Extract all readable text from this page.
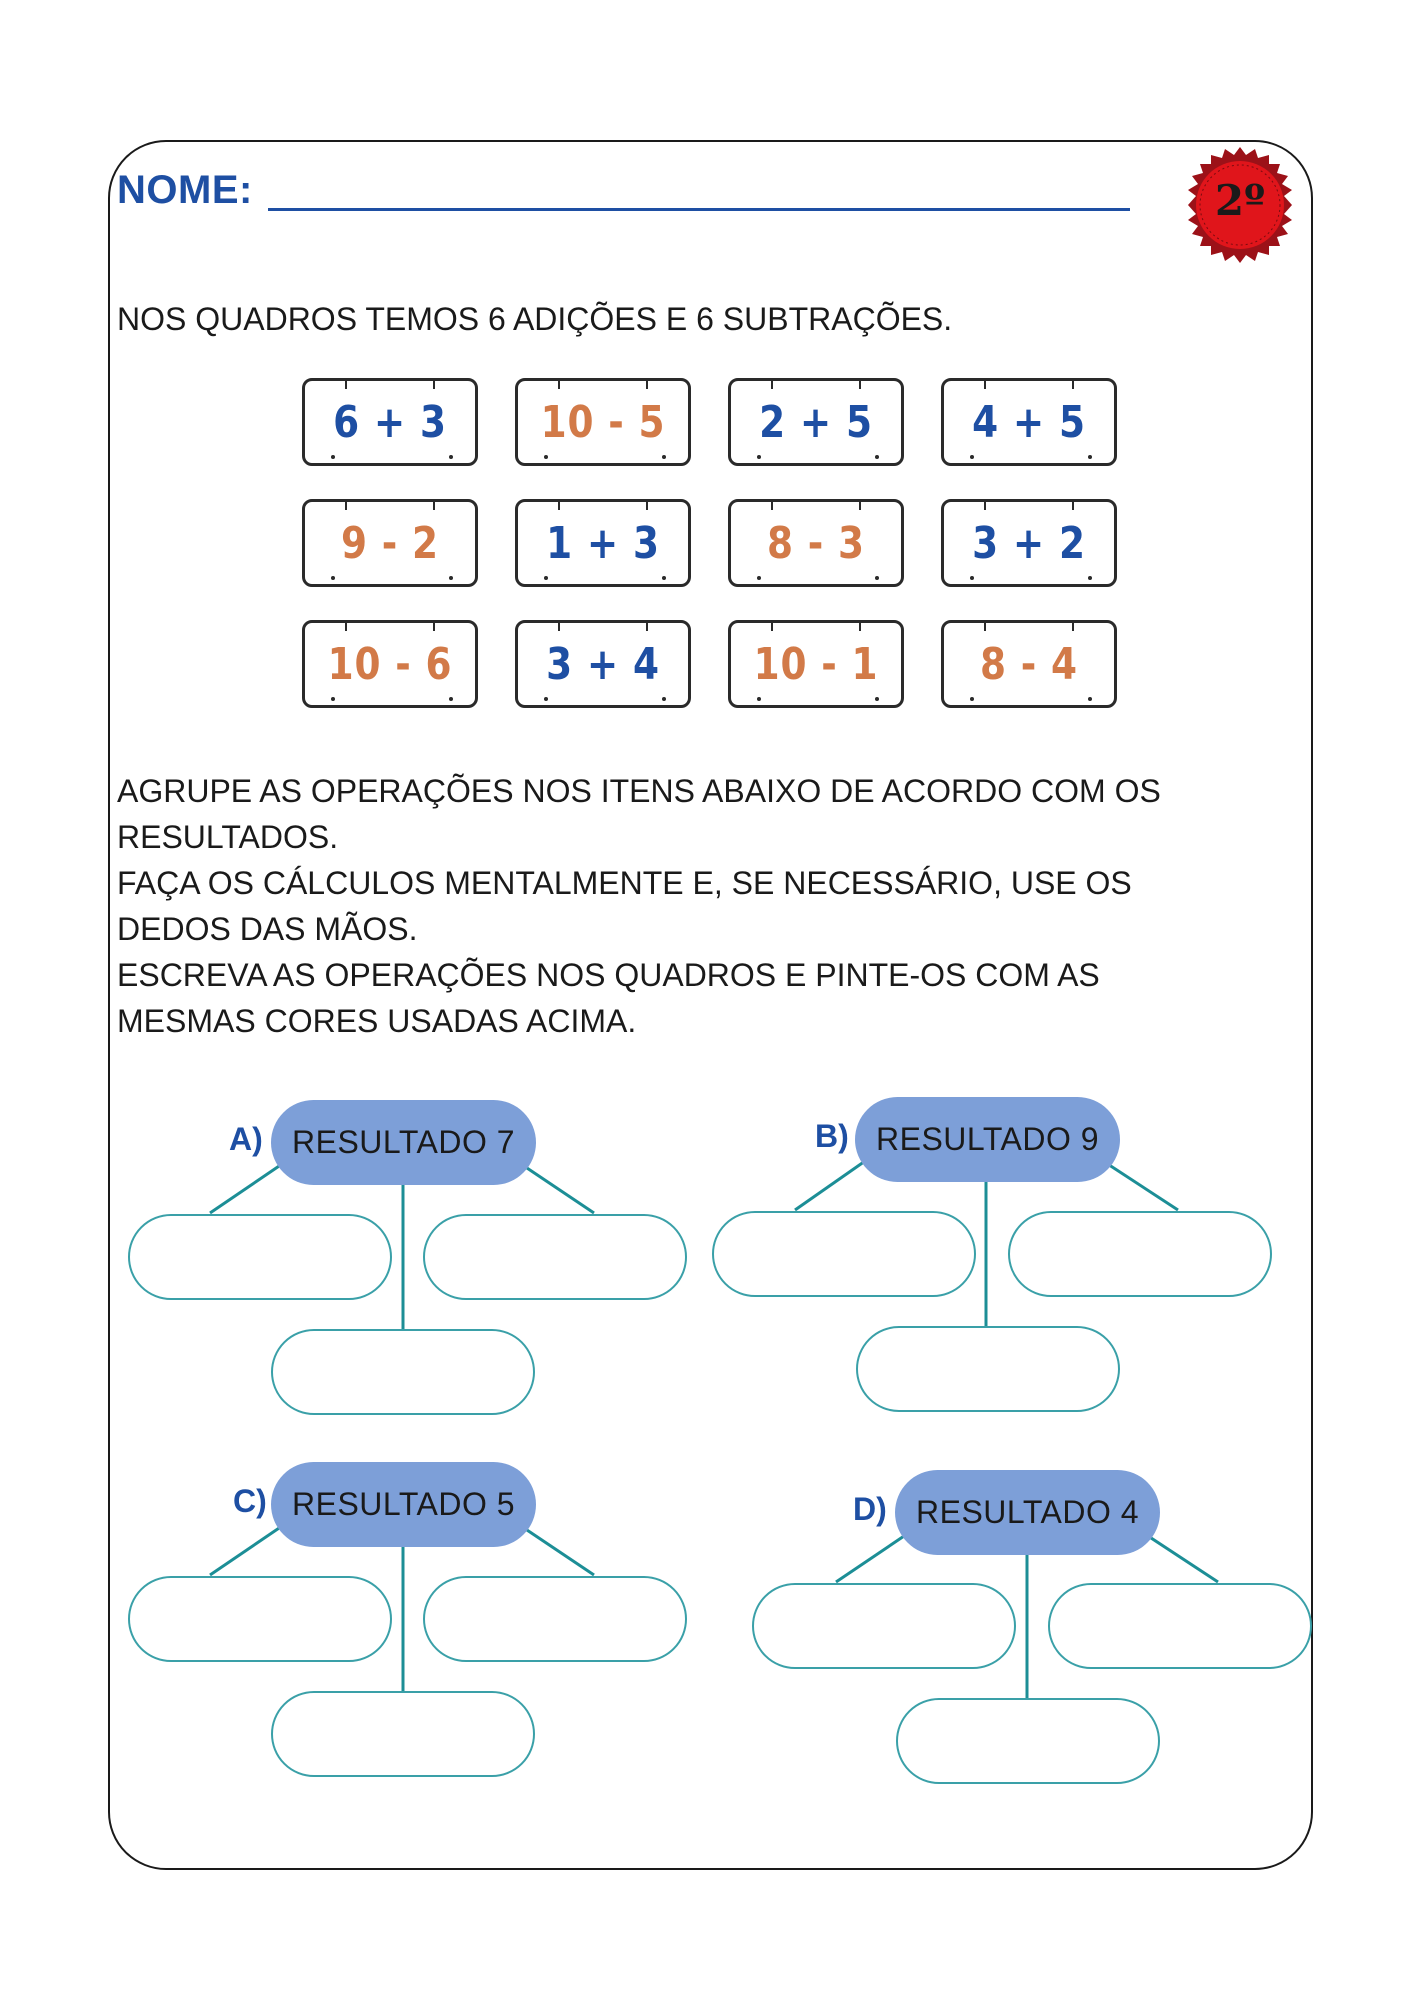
NOME:	2º
NOS QUADROS TEMOS 6 ADIÇÕES E 6 SUBTRAÇÕES.
6 + 3	10 - 5	2 + 5	4 + 5
9 - 2	1 + 3	8 - 3	3 + 2
10 - 6	3 + 4	10 - 1	8 - 4
AGRUPE AS OPERAÇÕES NOS ITENS ABAIXO DE ACORDO COM OS
RESULTADOS.
FAÇA OS CÁLCULOS MENTALMENTE E, SE NECESSÁRIO, USE OS
DEDOS DAS MÃOS.
ESCREVA AS OPERAÇÕES NOS QUADROS E PINTE-OS COM AS
MESMAS CORES USADAS ACIMA.
A) RESULTADO 7	B) RESULTADO 9
C) RESULTADO 5	D) RESULTADO 4
